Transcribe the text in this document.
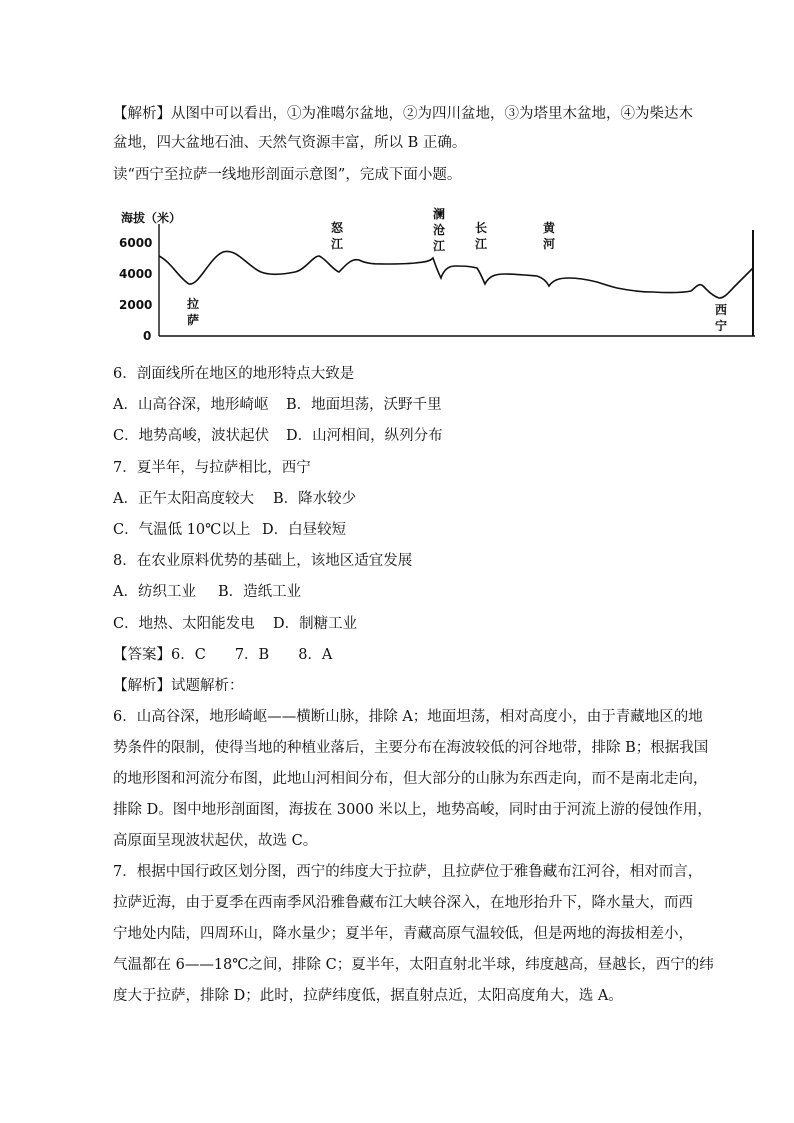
【解析】从图中可以看出，①为准噶尔盆地，②为四川盆地，③为塔里木盆地，④为柴达木
盆地，四大盆地石油、天然气资源丰富，所以 B 正确。
读“西宁至拉萨一线地形剖面示意图”，完成下面小题。
海拔（米）
6000
4000
2000
0
拉
萨
怒
江
澜
沧
江
长
江
黄
河
西
宁
6．剖面线所在地区的地形特点大致是
A．山高谷深，地形崎岖 B．地面坦荡，沃野千里
C．地势高峻，波状起伏 D．山河相间，纵列分布
7．夏半年，与拉萨相比，西宁
A．正午太阳高度较大 B．降水较少
C．气温低 10℃以上 D．白昼较短
8．在农业原料优势的基础上，该地区适宜发展
A．纺织工业 B．造纸工业
C．地热、太阳能发电 D．制糖工业
【答案】6．C　　7．B　　8．A
【解析】试题解析：
6．山高谷深，地形崎岖——横断山脉，排除 A；地面坦荡，相对高度小，由于青藏地区的地
势条件的限制，使得当地的种植业落后，主要分布在海波较低的河谷地带，排除 B；根据我国
的地形图和河流分布图，此地山河相间分布，但大部分的山脉为东西走向，而不是南北走向，
排除 D。图中地形剖面图，海拔在 3000 米以上，地势高峻，同时由于河流上游的侵蚀作用，
高原面呈现波状起伏，故选 C。
7．根据中国行政区划分图，西宁的纬度大于拉萨，且拉萨位于雅鲁藏布江河谷，相对而言，
拉萨近海，由于夏季在西南季风沿雅鲁藏布江大峡谷深入，在地形抬升下，降水量大，而西
宁地处内陆，四周环山，降水量少；夏半年，青藏高原气温较低，但是两地的海拔相差小，
气温都在 6——18℃之间，排除 C；夏半年，太阳直射北半球，纬度越高，昼越长，西宁的纬
度大于拉萨，排除 D；此时，拉萨纬度低，据直射点近，太阳高度角大，选 A。
